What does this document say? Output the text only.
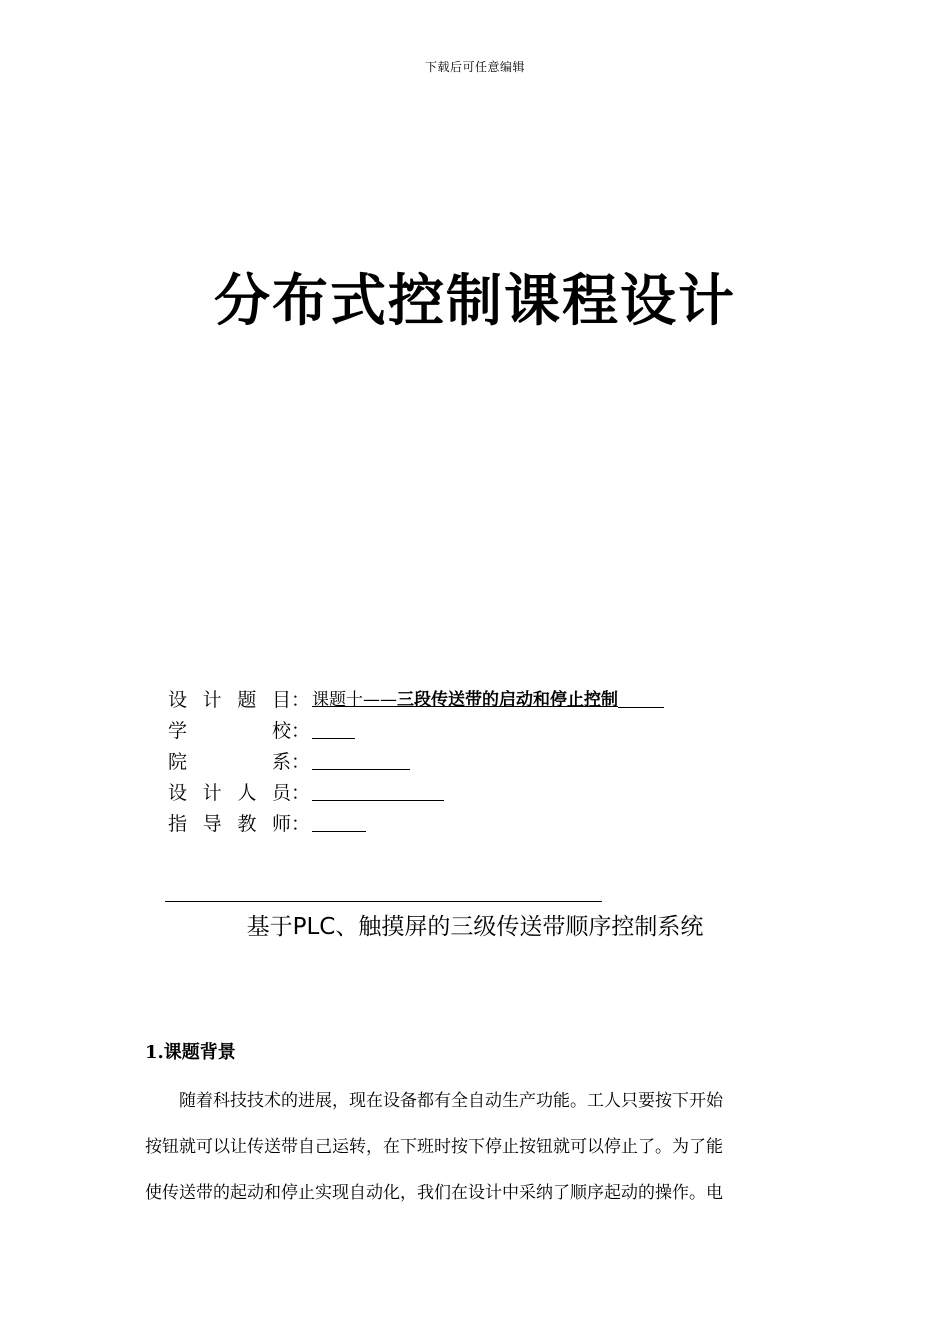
下载后可任意编辑
分布式控制课程设计
设计题目 ： 课题十——三段传送带的启动和停止控制
学校 ：
院系 ：
设计人员 ：
指导教师 ：
基于PLC、触摸屏的三级传送带顺序控制系统
1.课题背景
随着科技技术的进展，现在设备都有全自动生产功能。工人只要按下开始
按钮就可以让传送带自己运转，在下班时按下停止按钮就可以停止了。为了能
使传送带的起动和停止实现自动化，我们在设计中采纳了顺序起动的操作。电
